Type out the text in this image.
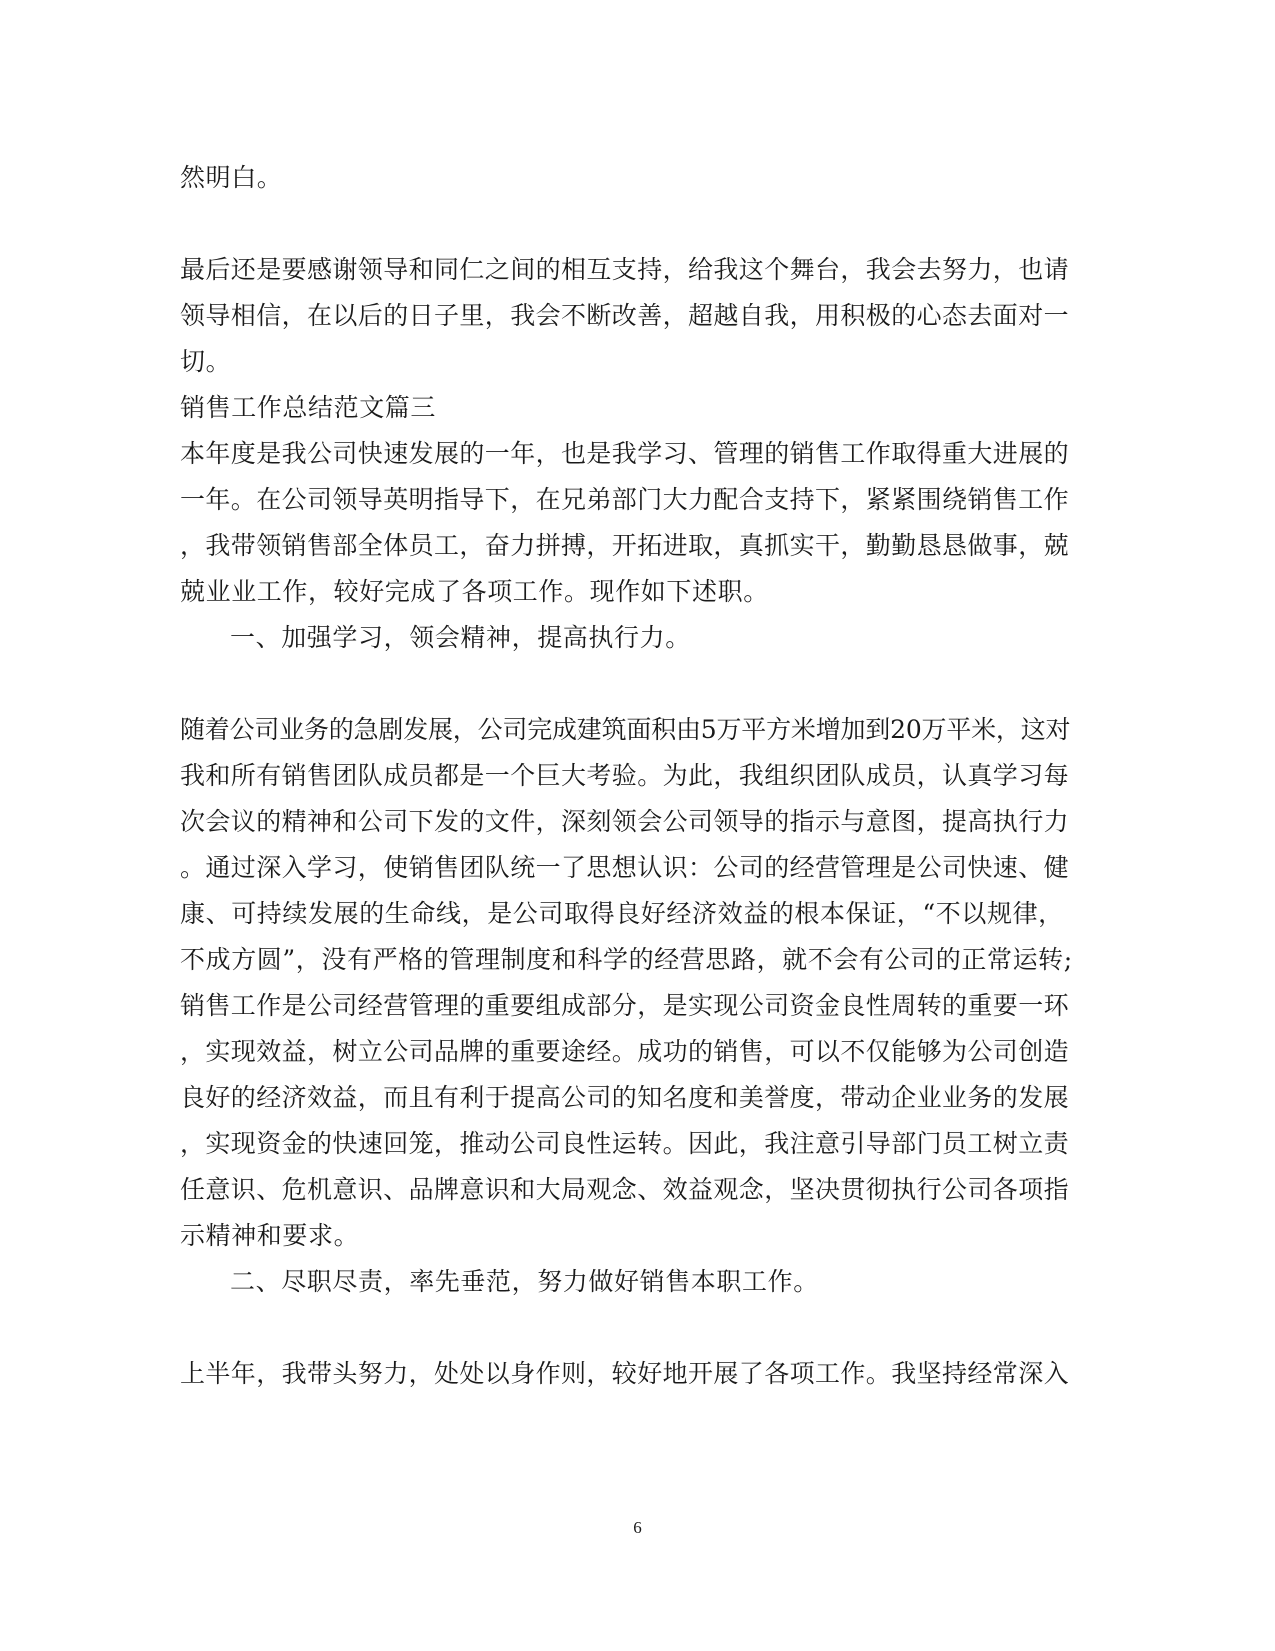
然明白。
最后还是要感谢领导和同仁之间的相互支持，给我这个舞台，我会去努力，也请
领导相信，在以后的日子里，我会不断改善，超越自我，用积极的心态去面对一
切。
销售工作总结范文篇三
本年度是我公司快速发展的一年，也是我学习、管理的销售工作取得重大进展的
一年。在公司领导英明指导下，在兄弟部门大力配合支持下，紧紧围绕销售工作
，我带领销售部全体员工，奋力拼搏，开拓进取，真抓实干，勤勤恳恳做事，兢
兢业业工作，较好完成了各项工作。现作如下述职。
一、加强学习，领会精神，提高执行力。
随着公司业务的急剧发展，公司完成建筑面积由5万平方米增加到20万平米，这对
我和所有销售团队成员都是一个巨大考验。为此，我组织团队成员，认真学习每
次会议的精神和公司下发的文件，深刻领会公司领导的指示与意图，提高执行力
。通过深入学习，使销售团队统一了思想认识：公司的经营管理是公司快速、健
康、可持续发展的生命线，是公司取得良好经济效益的根本保证，“不以规律，
不成方圆”，没有严格的管理制度和科学的经营思路，就不会有公司的正常运转;
销售工作是公司经营管理的重要组成部分，是实现公司资金良性周转的重要一环
，实现效益，树立公司品牌的重要途经。成功的销售，可以不仅能够为公司创造
良好的经济效益，而且有利于提高公司的知名度和美誉度，带动企业业务的发展
，实现资金的快速回笼，推动公司良性运转。因此，我注意引导部门员工树立责
任意识、危机意识、品牌意识和大局观念、效益观念，坚决贯彻执行公司各项指
示精神和要求。
二、尽职尽责，率先垂范，努力做好销售本职工作。
上半年，我带头努力，处处以身作则，较好地开展了各项工作。我坚持经常深入
6
